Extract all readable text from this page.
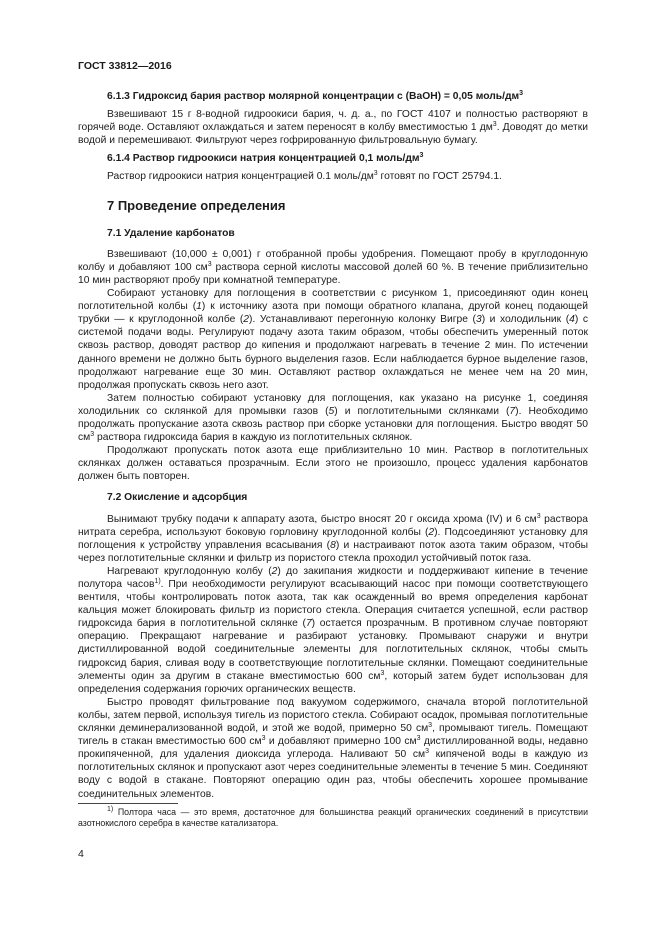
ГОСТ 33812—2016
6.1.3 Гидроксид бария раствор молярной концентрации c (BaOH) = 0,05 моль/$дм^3$

Взвешивают 15 г 8-водной гидроокиси бария, ч. д. а., по ГОСТ 4107 и полностью растворяют в горячей воде. Оставляют охлаждаться и затем переносят в колбу вместимостью 1 $дм^3$. Доводят до метки водой и перемешивают. Фильтруют через гофрированную фильтровальную бумагу.

6.1.4 Раствор гидроокиси натрия концентрацией 0,1 моль/$дм^3$

Раствор гидроокиси натрия концентрацией 0.1 моль/$дм^3$ готовят по ГОСТ 25794.1.

7 Проведение определения
7.1 Удаление карбонатов

Взвешивают (10,000 ± 0,001) г отобранной пробы удобрения. Помещают пробу в круглодонную колбу и добавляют 100 $см^3$ раствора серной кислоты массовой долей 60 %. В течение приблизительно 10 мин растворяют пробу при комнатной температуре.

Собирают установку для поглощения в соответствии с рисунком 1, присоединяют один конец поглотительной колбы (1) к источнику азота при помощи обратного клапана, другой конец подающей трубки — к круглодонной колбе (2). Устанавливают перегонную колонку Вигре (3) и холодильник (4) с системой подачи воды. Регулируют подачу азота таким образом, чтобы обеспечить умеренный поток сквозь раствор, доводят раствор до кипения и продолжают нагревать в течение 2 мин. По истечении данного времени не должно быть бурного выделения газов. Если наблюдается бурное выделение газов, продолжают нагревание еще 30 мин. Оставляют раствор охлаждаться не менее чем на 20 мин, продолжая пропускать сквозь него азот.

Затем полностью собирают установку для поглощения, как указано на рисунке 1, соединяя холодильник со склянкой для промывки газов (5) и поглотительными склянками (7). Необходимо продолжать пропускание азота сквозь раствор при сборке установки для поглощения. Быстро вводят 50 $см^3$ раствора гидроксида бария в каждую из поглотительных склянок.

Продолжают пропускать поток азота еще приблизительно 10 мин. Раствор в поглотительных склянках должен оставаться прозрачным. Если этого не произошло, процесс удаления карбонатов должен быть повторен.

7.2 Окисление и адсорбция

Вынимают трубку подачи к аппарату азота, быстро вносят 20 г оксида хрома (IV) и 6 $см^3$ раствора нитрата серебра, используют боковую горловину круглодонной колбы (2). Подсоединяют установку для поглощения к устройству управления всасывания (8) и настраивают поток азота таким образом, чтобы через поглотительные склянки и фильтр из пористого стекла проходил устойчивый поток газа.

Нагревают круглодонную колбу (2) до закипания жидкости и поддерживают кипение в течение полутора часов$^{1)}$. При необходимости регулируют всасывающий насос при помощи соответствующего вентиля, чтобы контролировать поток азота, так как осажденный во время определения карбонат кальция может блокировать фильтр из пористого стекла. Операция считается успешной, если раствор гидроксида бария в поглотительной склянке (7) остается прозрачным. В противном случае повторяют операцию. Прекращают нагревание и разбирают установку. Промывают снаружи и внутри дистиллированной водой соединительные элементы для поглотительных склянок, чтобы смыть гидроксид бария, сливая воду в соответствующие поглотительные склянки. Помещают соединительные элементы один за другим в стакане вместимостью 600 $см^3$, который затем будет использован для определения содержания горючих органических веществ.

Быстро проводят фильтрование под вакуумом содержимого, сначала второй поглотительной колбы, затем первой, используя тигель из пористого стекла. Собирают осадок, промывая поглотительные склянки деминерализованной водой, и этой же водой, примерно 50 $см^3$, промывают тигель. Помещают тигель в стакан вместимостью 600 $см^3$ и добавляют примерно 100 $см^3$ дистиллированной воды, недавно прокипяченной, для удаления диоксида углерода. Наливают 50 $см^3$ кипяченой воды в каждую из поглотительных склянок и пропускают азот через соединительные элементы в течение 5 мин. Соединяют воду с водой в стакане. Повторяют операцию один раз, чтобы обеспечить хорошее промывание соединительных элементов.

$^{1)}$ Полтора часа — это время, достаточное для большинства реакций органических соединений в присутствии азотнокислого серебра в качестве катализатора.
4
